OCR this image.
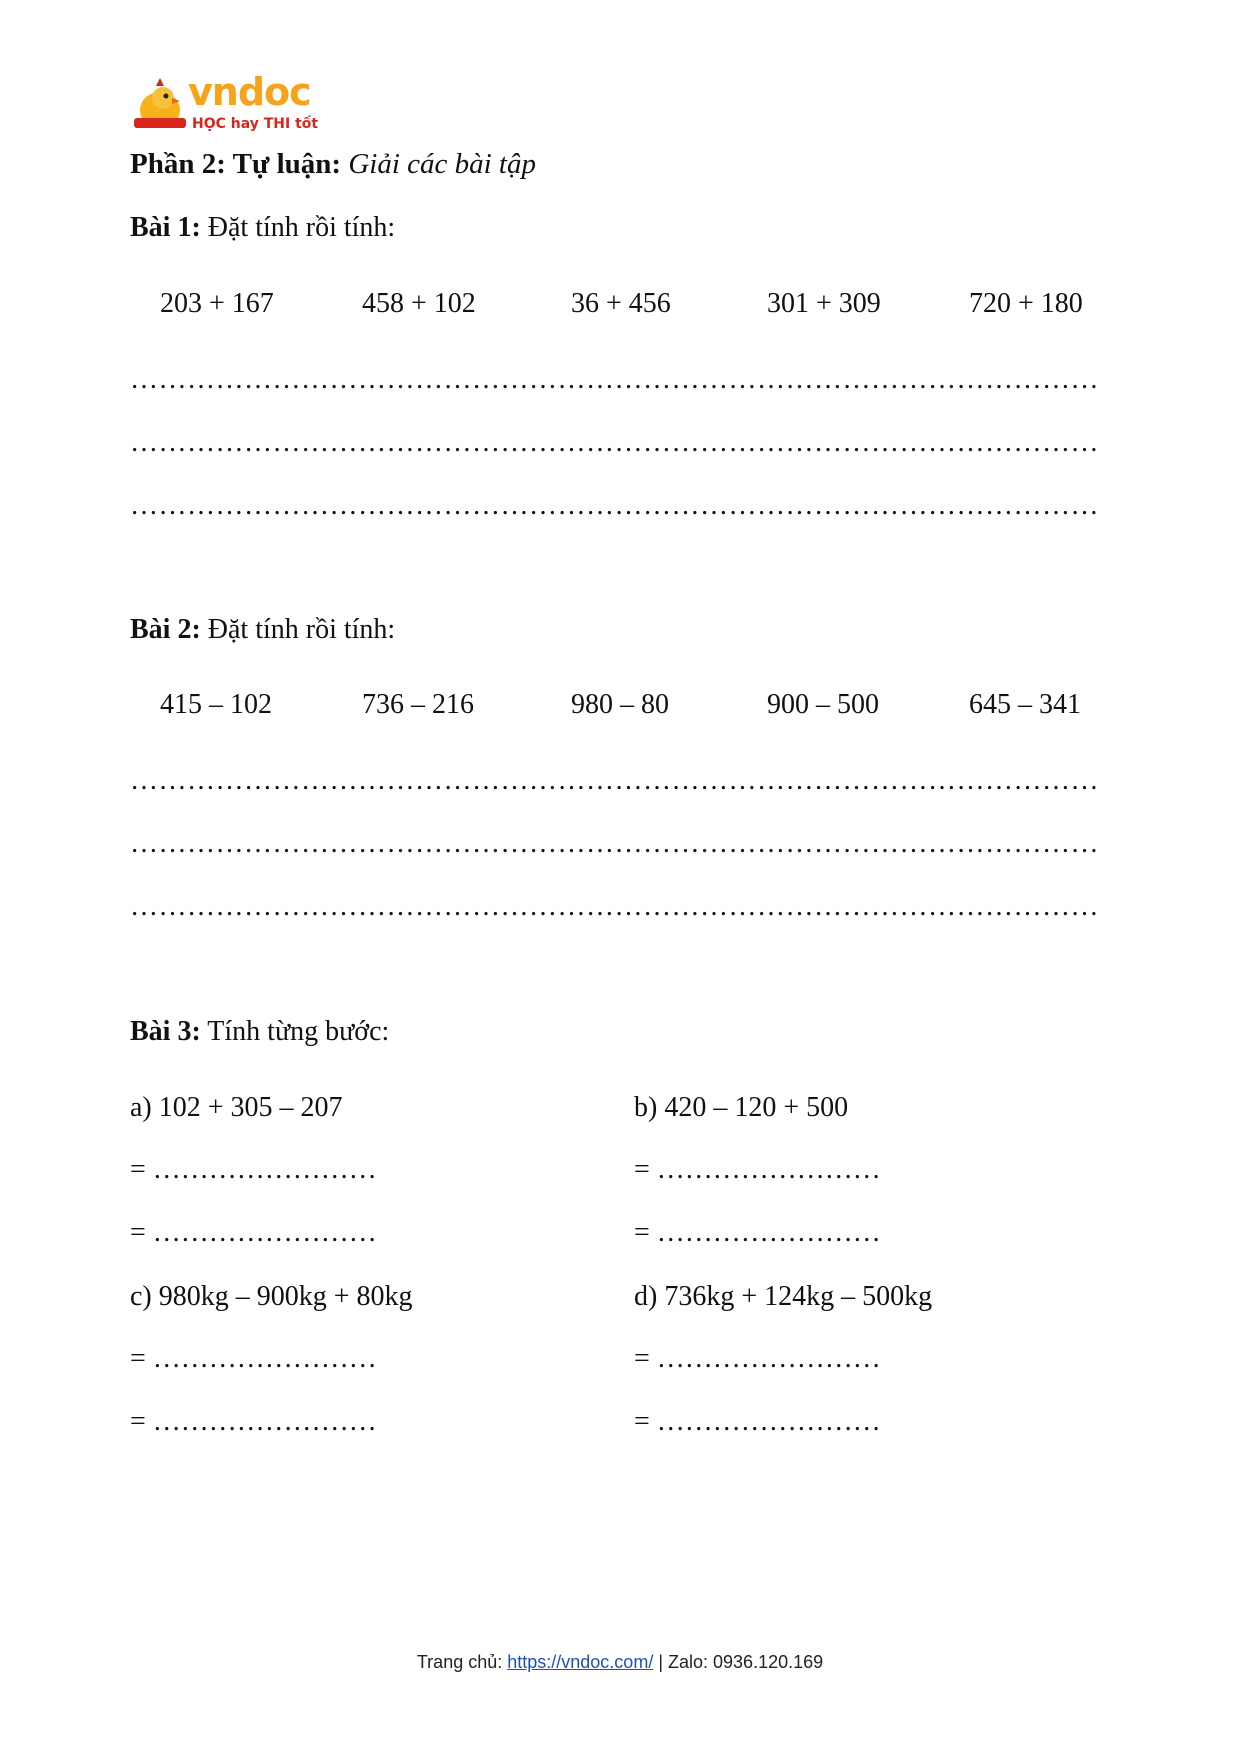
vndoc
HỌC hay THI tốt
Phần 2: Tự luận: Giải các bài tập
Bài 1: Đặt tính rồi tính:
203 + 167	458 + 102	36 + 456	301 + 309	720 + 180
…………………………………………………………………………………………
…………………………………………………………………………………………
…………………………………………………………………………………………
Bài 2: Đặt tính rồi tính:
415 – 102	736 – 216	980 – 80	900 – 500	645 – 341
…………………………………………………………………………………………
…………………………………………………………………………………………
…………………………………………………………………………………………
Bài 3: Tính từng bước:
a) 102 + 305 – 207	b) 420 – 120 + 500
= ……………………	= ……………………
= ……………………	= ……………………
c) 980kg – 900kg + 80kg	d) 736kg + 124kg – 500kg
= ……………………	= ……………………
= ……………………	= ……………………
Trang chủ: https://vndoc.com/ | Zalo: 0936.120.169
